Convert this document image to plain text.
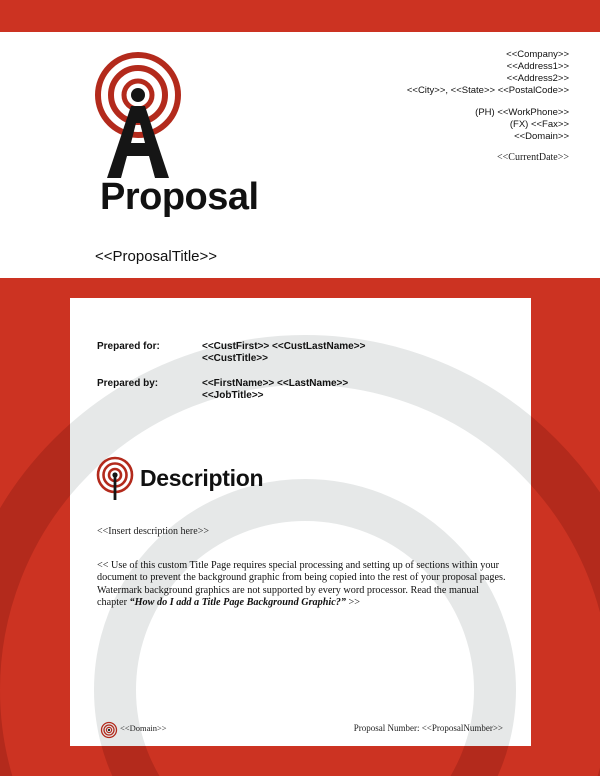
Prepared for:	<<CustFirst>> <<CustLastName>>
<<CustTitle>>
Prepared by:	<<FirstName>> <<LastName>>
<<JobTitle>>
Description
<<Insert description here>>
<< Use of this custom Title Page requires special processing and setting up of sections within your document to prevent the background graphic from being copied into the rest of your proposal pages. Watermark background graphics are not supported by every word processor. Read the manual chapter “How do I add a Title Page Background Graphic?” >>
<<Domain>>	Proposal Number: <<ProposalNumber>>
Proposal
<<ProposalTitle>>
<<Company>>
<<Address1>>
<<Address2>>
<<City>>, <<State>> <<PostalCode>>
(PH) <<WorkPhone>>
(FX) <<Fax>>
<<Domain>>
<<CurrentDate>>
